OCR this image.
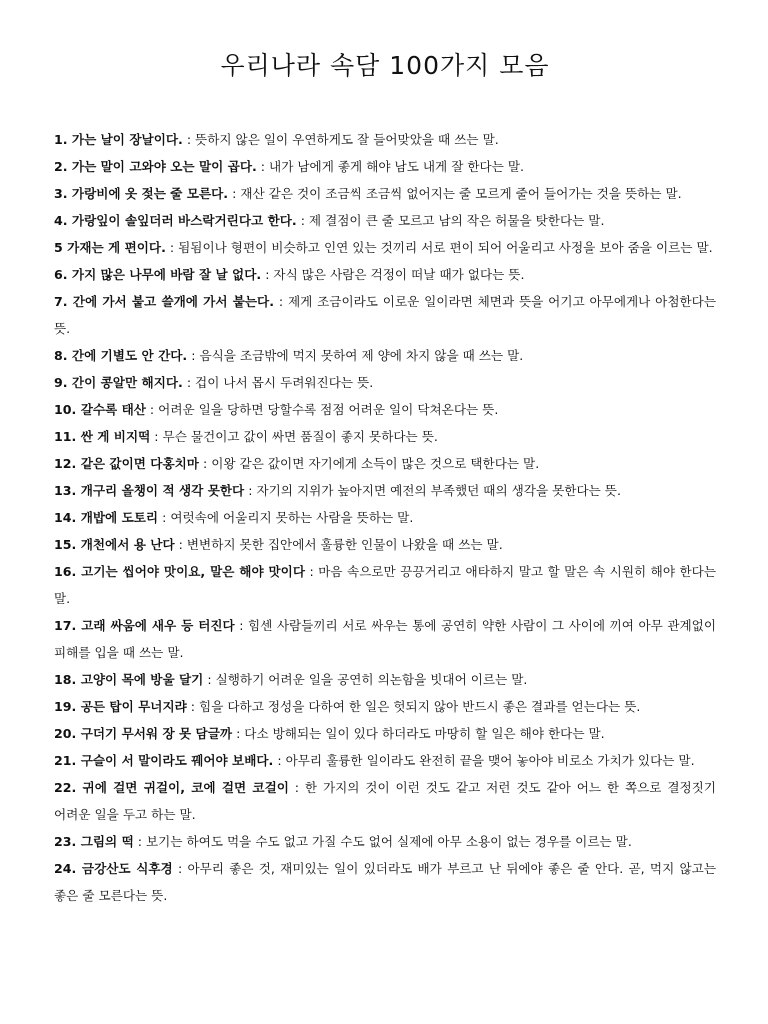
우리나라 속담 100가지 모음
1. 가는 날이 장날이다. : 뜻하지 않은 일이 우연하게도 잘 들어맞았을 때 쓰는 말.
2. 가는 말이 고와야 오는 말이 곱다. : 내가 남에게 좋게 해야 남도 내게 잘 한다는 말.
3. 가랑비에 옷 젖는 줄 모른다. : 재산 같은 것이 조금씩 조금씩 없어지는 줄 모르게 줄어 들어가는 것을 뜻하는 말.
4. 가랑잎이 솔잎더러 바스락거린다고 한다. : 제 결점이 큰 줄 모르고 남의 작은 허물을 탓한다는 말.
5 가재는 게 편이다. : 됨됨이나 형편이 비슷하고 인연 있는 것끼리 서로 편이 되어 어울리고 사정을 보아 줌을 이르는 말.
6. 가지 많은 나무에 바람 잘 날 없다. : 자식 많은 사람은 걱정이 떠날 때가 없다는 뜻.
7. 간에 가서 붙고 쓸개에 가서 붙는다. : 제게 조금이라도 이로운 일이라면 체면과 뜻을 어기고 아무에게나 아첨한다는 뜻.
8. 간에 기별도 안 간다. : 음식을 조금밖에 먹지 못하여 제 양에 차지 않을 때 쓰는 말.
9. 간이 콩알만 해지다. : 겁이 나서 몹시 두려워진다는 뜻.
10. 갈수록 태산 : 어려운 일을 당하면 당할수록 점점 어려운 일이 닥쳐온다는 뜻.
11. 싼 게 비지떡 : 무슨 물건이고 값이 싸면 품질이 좋지 못하다는 뜻.
12. 같은 값이면 다홍치마 : 이왕 같은 값이면 자기에게 소득이 많은 것으로 택한다는 말.
13. 개구리 올챙이 적 생각 못한다 : 자기의 지위가 높아지면 예전의 부족했던 때의 생각을 못한다는 뜻.
14. 개밥에 도토리 : 여럿속에 어울리지 못하는 사람을 뜻하는 말.
15. 개천에서 용 난다 : 변변하지 못한 집안에서 훌륭한 인물이 나왔을 때 쓰는 말.
16. 고기는 씹어야 맛이요, 말은 해야 맛이다 : 마음 속으로만 끙끙거리고 애타하지 말고 할 말은 속 시원히 해야 한다는 말.
17. 고래 싸움에 새우 등 터진다 : 힘센 사람들끼리 서로 싸우는 통에 공연히 약한 사람이 그 사이에 끼여 아무 관계없이 피해를 입을 때 쓰는 말.
18. 고양이 목에 방울 달기 : 실행하기 어려운 일을 공연히 의논함을 빗대어 이르는 말.
19. 공든 탑이 무너지랴 : 힘을 다하고 정성을 다하여 한 일은 헛되지 않아 반드시 좋은 결과를 얻는다는 뜻.
20. 구더기 무서워 장 못 담글까 : 다소 방해되는 일이 있다 하더라도 마땅히 할 일은 해야 한다는 말.
21. 구슬이 서 말이라도 꿰어야 보배다. : 아무리 훌륭한 일이라도 완전히 끝을 맺어 놓아야 비로소 가치가 있다는 말.
22. 귀에 걸면 귀걸이, 코에 걸면 코걸이 : 한 가지의 것이 이런 것도 같고 저런 것도 같아 어느 한 쪽으로 결정짓기 어려운 일을 두고 하는 말.
23. 그림의 떡 : 보기는 하여도 먹을 수도 없고 가질 수도 없어 실제에 아무 소용이 없는 경우를 이르는 말.
24. 금강산도 식후경 : 아무리 좋은 것, 재미있는 일이 있더라도 배가 부르고 난 뒤에야 좋은 줄 안다. 곧, 먹지 않고는 좋은 줄 모른다는 뜻.
